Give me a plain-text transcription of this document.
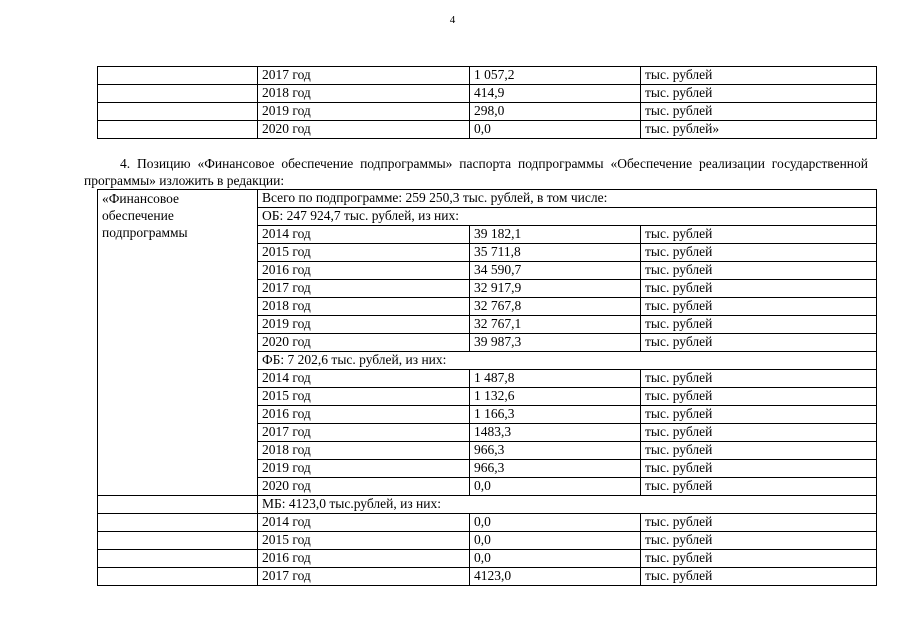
4
	2017 год	1 057,2	тыс. рублей
	2018 год	414,9	тыс. рублей
	2019 год	298,0	тыс. рублей
	2020 год	0,0	тыс. рублей»
4. Позицию «Финансовое обеспечение подпрограммы» паспорта подпрограммы «Обеспечение реализации государственной программы» изложить в редакции:
«Финансовое
обеспечение
подпрограммы	Всего по подпрограмме: 259 250,3 тыс. рублей, в том числе:		
	ОБ: 247 924,7 тыс. рублей, из них:		
	2014 год	39 182,1	тыс. рублей
	2015 год	35 711,8	тыс. рублей
	2016 год	34 590,7	тыс. рублей
	2017 год	32 917,9	тыс. рублей
	2018 год	32 767,8	тыс. рублей
	2019 год	32 767,1	тыс. рублей
	2020 год	39 987,3	тыс. рублей
	ФБ: 7 202,6 тыс. рублей, из них:		
	2014 год	1 487,8	тыс. рублей
	2015 год	1 132,6	тыс. рублей
	2016 год	1 166,3	тыс. рублей
	2017 год	1483,3	тыс. рублей
	2018 год	966,3	тыс. рублей
	2019 год	966,3	тыс. рублей
	2020 год	0,0	тыс. рублей
	МБ: 4123,0 тыс.рублей, из них:		
	2014 год	0,0	тыс. рублей
	2015 год	0,0	тыс. рублей
	2016 год	0,0	тыс. рублей
	2017 год	4123,0	тыс. рублей
